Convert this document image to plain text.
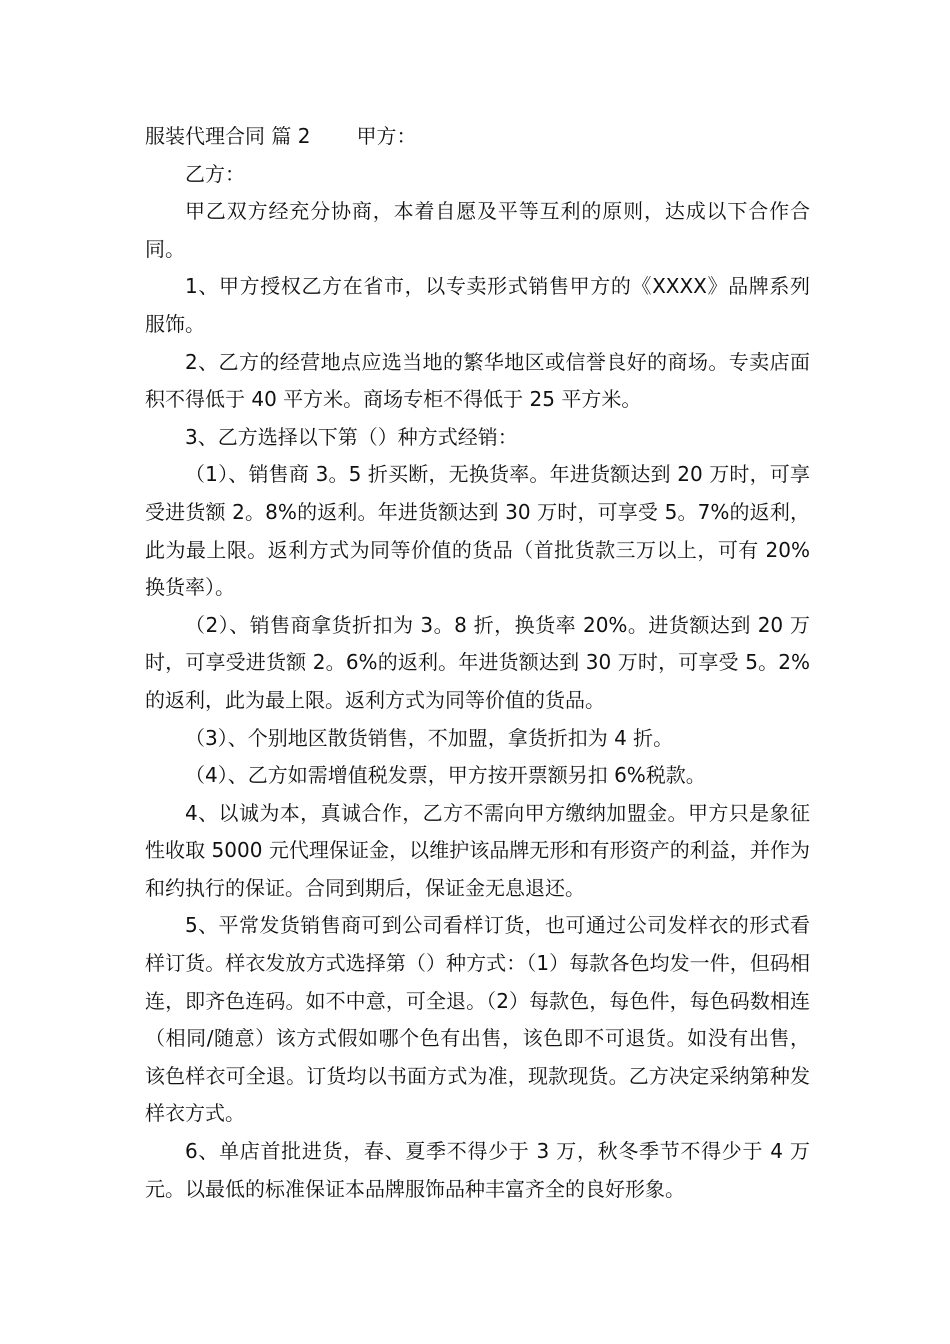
服装代理合同 篇 2 甲方：

乙方：

甲乙双方经充分协商，本着自愿及平等互利的原则，达成以下合作合同。

1、甲方授权乙方在省市，以专卖形式销售甲方的《XXXX》品牌系列服饰。

2、乙方的经营地点应选当地的繁华地区或信誉良好的商场。专卖店面积不得低于 40 平方米。商场专柜不得低于 25 平方米。

3、乙方选择以下第（）种方式经销：

（1）、销售商 3。5 折买断，无换货率。年进货额达到 20 万时，可享受进货额 2。8%的返利。年进货额达到 30 万时，可享受 5。7%的返利，此为最上限。返利方式为同等价值的货品（首批货款三万以上，可有 20%换货率）。

（2）、销售商拿货折扣为 3。8 折，换货率 20%。进货额达到 20 万时，可享受进货额 2。6%的返利。年进货额达到 30 万时，可享受 5。2%的返利，此为最上限。返利方式为同等价值的货品。

（3）、个别地区散货销售，不加盟，拿货折扣为 4 折。

（4）、乙方如需增值税发票，甲方按开票额另扣 6%税款。

4、以诚为本，真诚合作，乙方不需向甲方缴纳加盟金。甲方只是象征性收取 5000 元代理保证金，以维护该品牌无形和有形资产的利益，并作为和约执行的保证。合同到期后，保证金无息退还。

5、平常发货销售商可到公司看样订货，也可通过公司发样衣的形式看样订货。样衣发放方式选择第（）种方式：（1）每款各色均发一件，但码相连，即齐色连码。如不中意，可全退。（2）每款色，每色件，每色码数相连（相同/随意）该方式假如哪个色有出售，该色即不可退货。如没有出售，该色样衣可全退。订货均以书面方式为准，现款现货。乙方决定采纳第种发样衣方式。

6、单店首批进货，春、夏季不得少于 3 万，秋冬季节不得少于 4 万元。以最低的标准保证本品牌服饰品种丰富齐全的良好形象。
